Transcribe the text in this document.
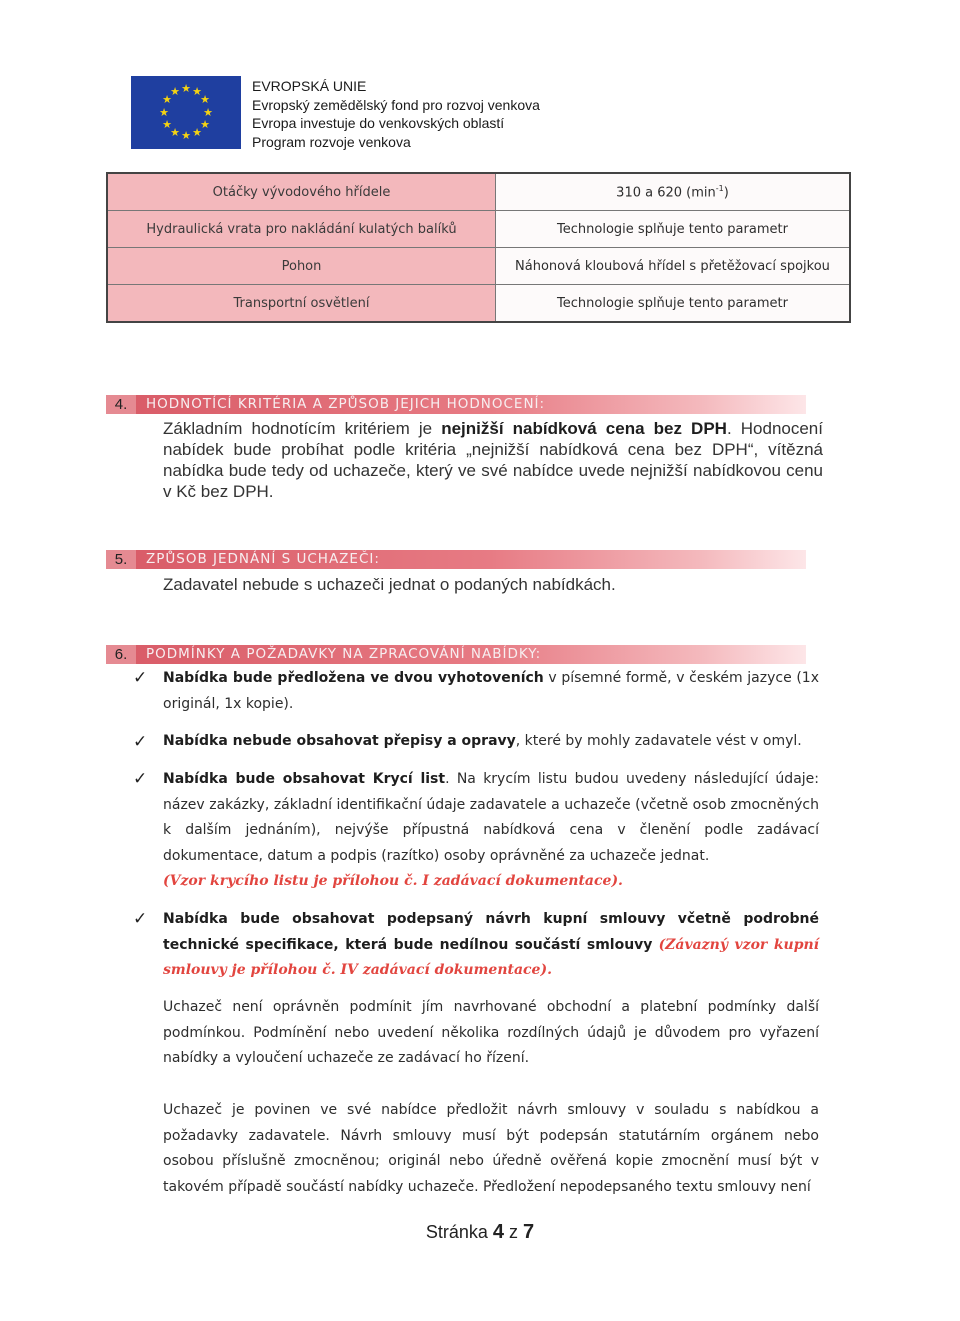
★ ★
★
★
★
★
★
★
★
★
★
★	EVROPSKÁ UNIE
Evropský zemědělský fond pro rozvoj venkova
Evropa investuje do venkovských oblastí
Program rozvoje venkova
Otáčky vývodového hřídele	310 a 620 $(\min^{-1})$
Hydraulická vrata pro nakládání kulatých balíků	Technologie splňuje tento parametr
Pohon	Náhonová kloubová hřídel s přetěžovací spojkou
Transportní osvětlení	Technologie splňuje tento parametr
4.	HODNOTÍCÍ KRITÉRIA A ZPŮSOB JEJICH HODNOCENÍ:
Základním hodnotícím kritériem je nejnižší nabídková cena bez DPH. Hodnocení nabídek bude probíhat podle kritéria „nejnižší nabídková cena bez DPH“, vítězná nabídka bude tedy od uchazeče, který ve své nabídce uvede nejnižší nabídkovou cenu v Kč bez DPH.
5.	ZPŮSOB JEDNÁNÍ S UCHAZEČI:
Zadavatel nebude s uchazeči jednat o podaných nabídkách.
6.	PODMÍNKY A POŽADAVKY NA ZPRACOVÁNÍ NABÍDKY:
✓ Nabídka bude předložena ve dvou vyhotoveních v písemné formě, v českém jazyce (1x originál, 1x kopie).
✓ Nabídka nebude obsahovat přepisy a opravy, které by mohly zadavatele vést v omyl.
✓ Nabídka bude obsahovat Krycí list. Na krycím listu budou uvedeny následující údaje: název zakázky, základní identifikační údaje zadavatele a uchazeče (včetně osob zmocněných k dalším jednáním), nejvýše přípustná nabídková cena v členění podle zadávací dokumentace, datum a podpis (razítko) osoby oprávněné za uchazeče jednat.
(Vzor krycího listu je přílohou č. I zadávací dokumentace).
✓ Nabídka bude obsahovat podepsaný návrh kupní smlouvy včetně podrobné technické specifikace, která bude nedílnou součástí smlouvy (Závazný vzor kupní smlouvy je přílohou č. IV zadávací dokumentace).
Uchazeč není oprávněn podmínit jím navrhované obchodní a platební podmínky další podmínkou. Podmínění nebo uvedení několika rozdílných údajů je důvodem pro vyřazení nabídky a vyloučení uchazeče ze zadávací ho řízení.
Uchazeč je povinen ve své nabídce předložit návrh smlouvy v souladu s nabídkou a požadavky zadavatele. Návrh smlouvy musí být podepsán statutárním orgánem nebo osobou příslušně zmocněnou; originál nebo úředně ověřená kopie zmocnění musí být v takovém případě součástí nabídky uchazeče. Předložení nepodepsaného textu smlouvy není
Stránka 4 z 7
